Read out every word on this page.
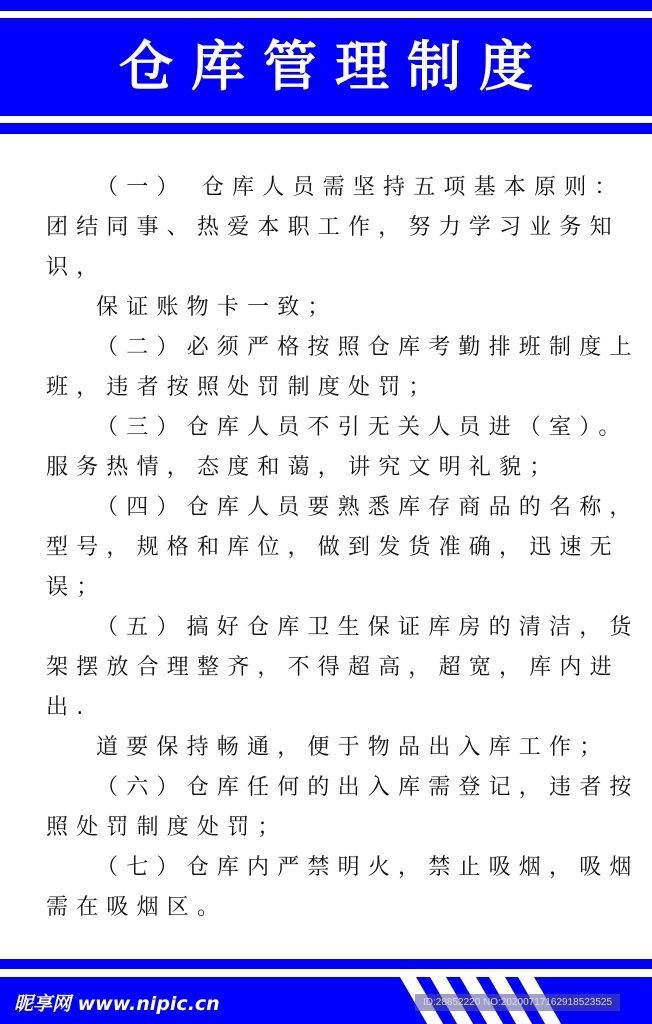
仓库管理制度
（一） 仓库人员需坚持五项基本原则：
团结同事、热爱本职工作，努力学习业务知
识，
保证账物卡一致；
（二）必须严格按照仓库考勤排班制度上
班，违者按照处罚制度处罚；
（三）仓库人员不引无关人员进（室）。
服务热情，态度和蔼，讲究文明礼貌；
（四）仓库人员要熟悉库存商品的名称，
型号，规格和库位，做到发货准确，迅速无
误；
（五）搞好仓库卫生保证库房的清洁，货
架摆放合理整齐，不得超高，超宽，库内进
出.
道要保持畅通，便于物品出入库工作；
（六）仓库任何的出入库需登记，违者按
照处罚制度处罚；
（七）仓库内严禁明火，禁止吸烟，吸烟
需在吸烟区。
昵享网 www.nipic.cn	ID:28852220 NO:20200717162918523525
